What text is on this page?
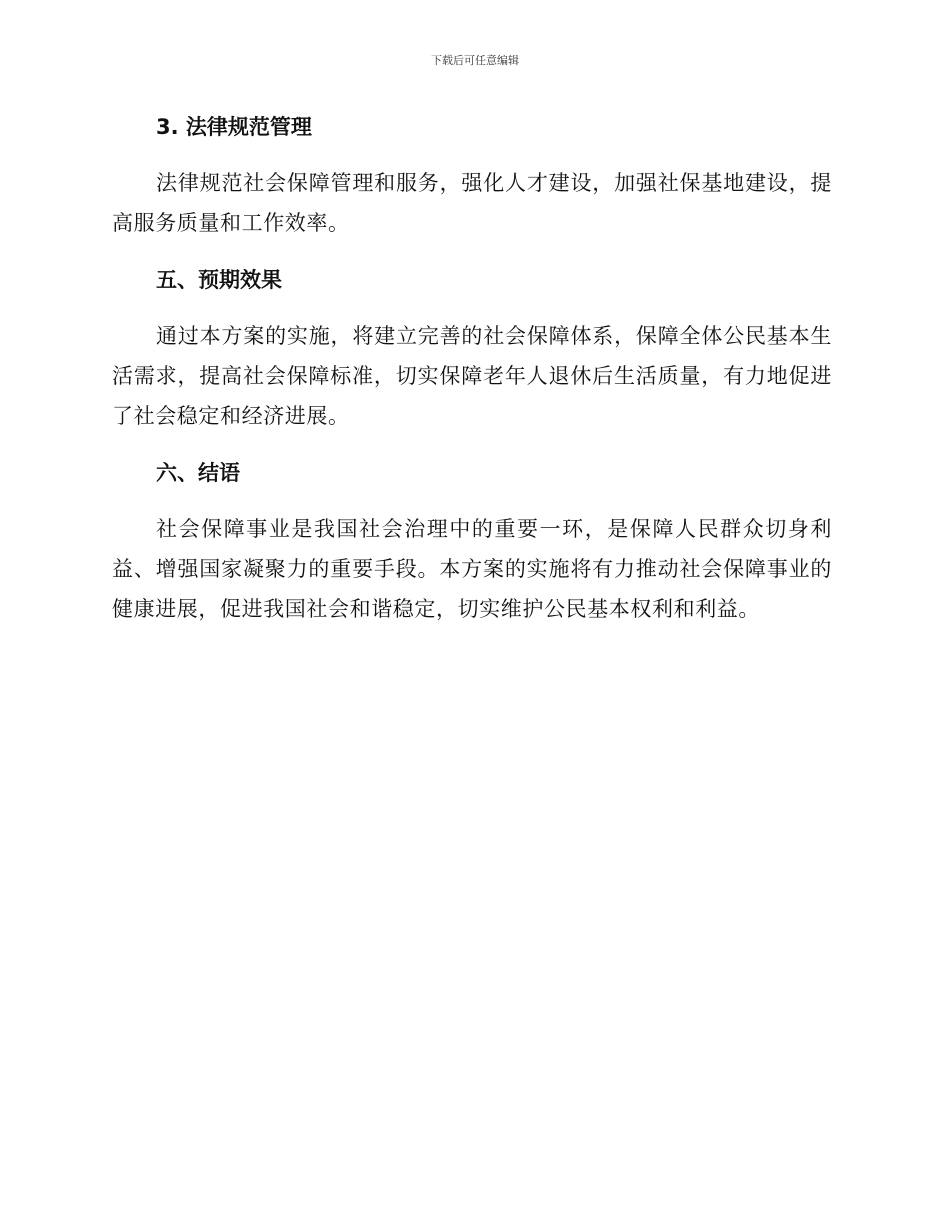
下载后可任意编辑
3. 法律规范管理

法律规范社会保障管理和服务，强化人才建设，加强社保基地建设，提高服务质量和工作效率。

五、预期效果

通过本方案的实施，将建立完善的社会保障体系，保障全体公民基本生活需求，提高社会保障标准，切实保障老年人退休后生活质量，有力地促进了社会稳定和经济进展。

六、结语

社会保障事业是我国社会治理中的重要一环，是保障人民群众切身利益、增强国家凝聚力的重要手段。本方案的实施将有力推动社会保障事业的健康进展，促进我国社会和谐稳定，切实维护公民基本权利和利益。
